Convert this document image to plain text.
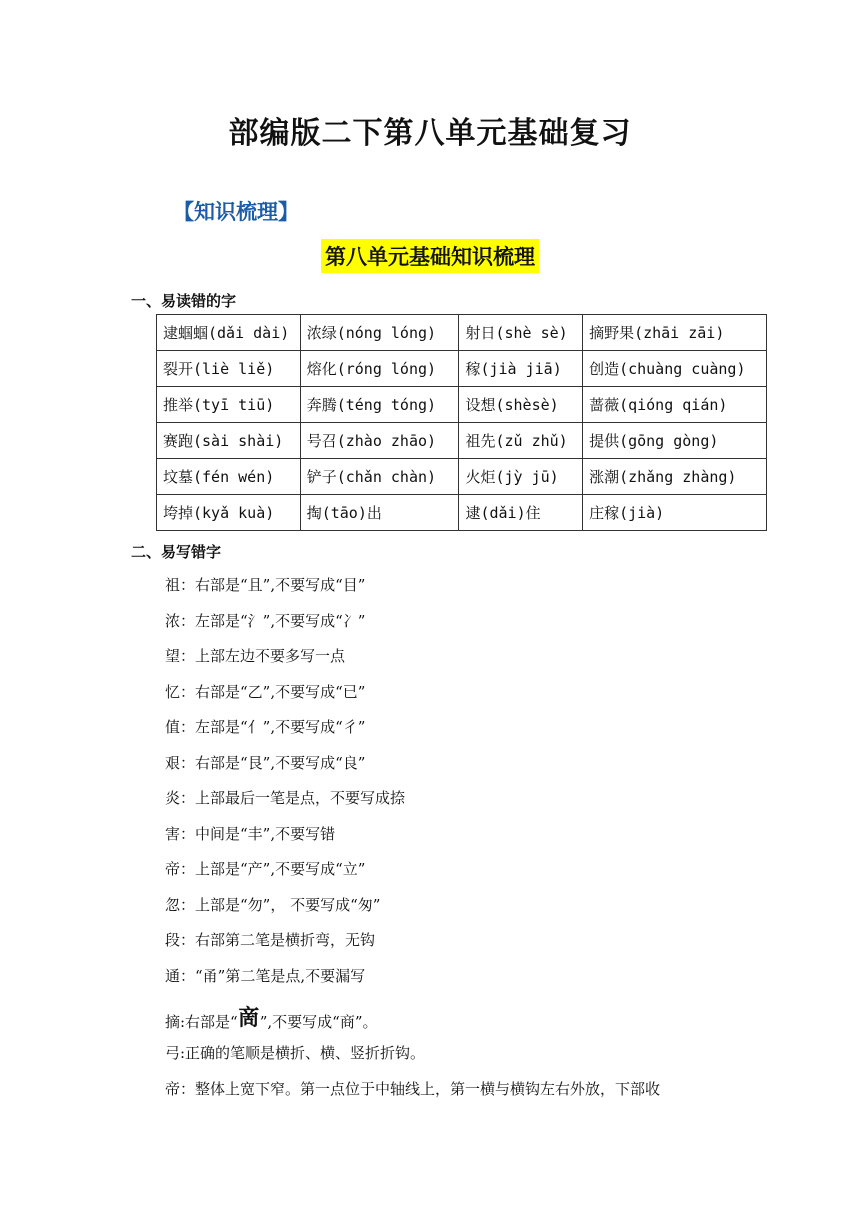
部编版二下第八单元基础复习
【知识梳理】
第八单元基础知识梳理
一、易读错的字
逮蝈蝈(dǎi dài)	浓绿(nóng lóng)	射日(shè sè)	摘野果(zhāi zāi)
裂开(liè liě)	熔化(róng lóng)	稼(jià jiā)	创造(chuàng cuàng)
推举(tyī tiū)	奔腾(téng tóng)	设想(shèsè)	蔷薇(qióng qián)
赛跑(sài shài)	号召(zhào zhāo)	祖先(zǔ zhǔ)	提供(gōng gòng)
坟墓(fén wén)	铲子(chǎn chàn)	火炬(jỳ jū)	涨潮(zhǎng zhàng)
垮掉(kyǎ kuà)	掏(tāo)出	逮(dǎi)住	庄稼(jià)
二、易写错字
祖：右部是“且”,不要写成“目”
浓：左部是“氵”,不要写成“冫”
望：上部左边不要多写一点
忆：右部是“乙”,不要写成“已”
值：左部是“亻”,不要写成“彳”
艰：右部是“艮”,不要写成“良”
炎：上部最后一笔是点，不要写成捺
害：中间是“丰”,不要写错
帝：上部是“产”,不要写成“立”
忽：上部是“勿”， 不要写成“匆”
段：右部第二笔是横折弯，无钩
通：“甬”第二笔是点,不要漏写
摘:右部是“啇”,不要写成“商”。
弓:正确的笔顺是横折、横、竖折折钩。
帝：整体上宽下窄。第一点位于中轴线上，第一横与横钩左右外放，下部收
